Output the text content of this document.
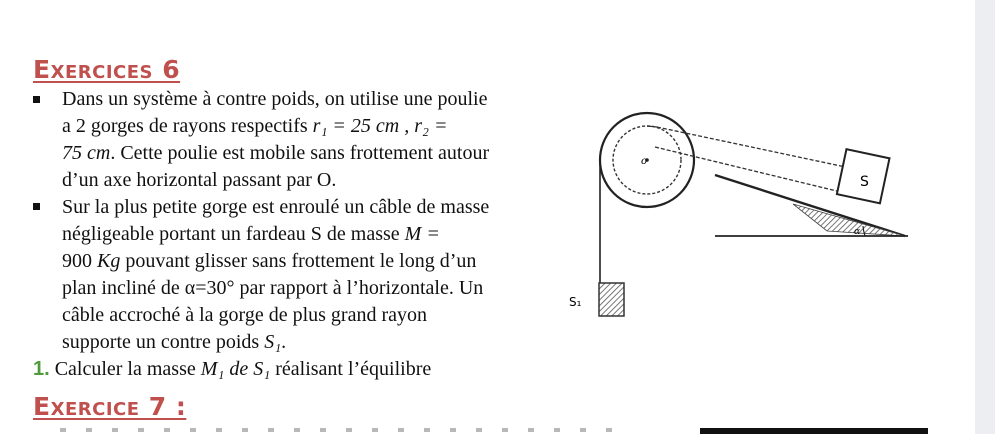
Exercices 6
Dans un système à contre poids, on utilise une poulie
a 2 gorges de rayons respectifs r₁ = 25 cm , r₂ =
75 cm. Cette poulie est mobile sans frottement autour
d’un axe horizontal passant par O.
Sur la plus petite gorge est enroulé un câble de masse
négligeable portant un fardeau S de masse M =
900 Kg pouvant glisser sans frottement le long d’un
plan incliné de α=30° par rapport à l’horizontale. Un
câble accroché à la gorge de plus grand rayon
supporte un contre poids S₁.
1. Calculer la masse M₁ de S₁ réalisant l’équilibre
Exercice 7 :
o
S
α
S₁
